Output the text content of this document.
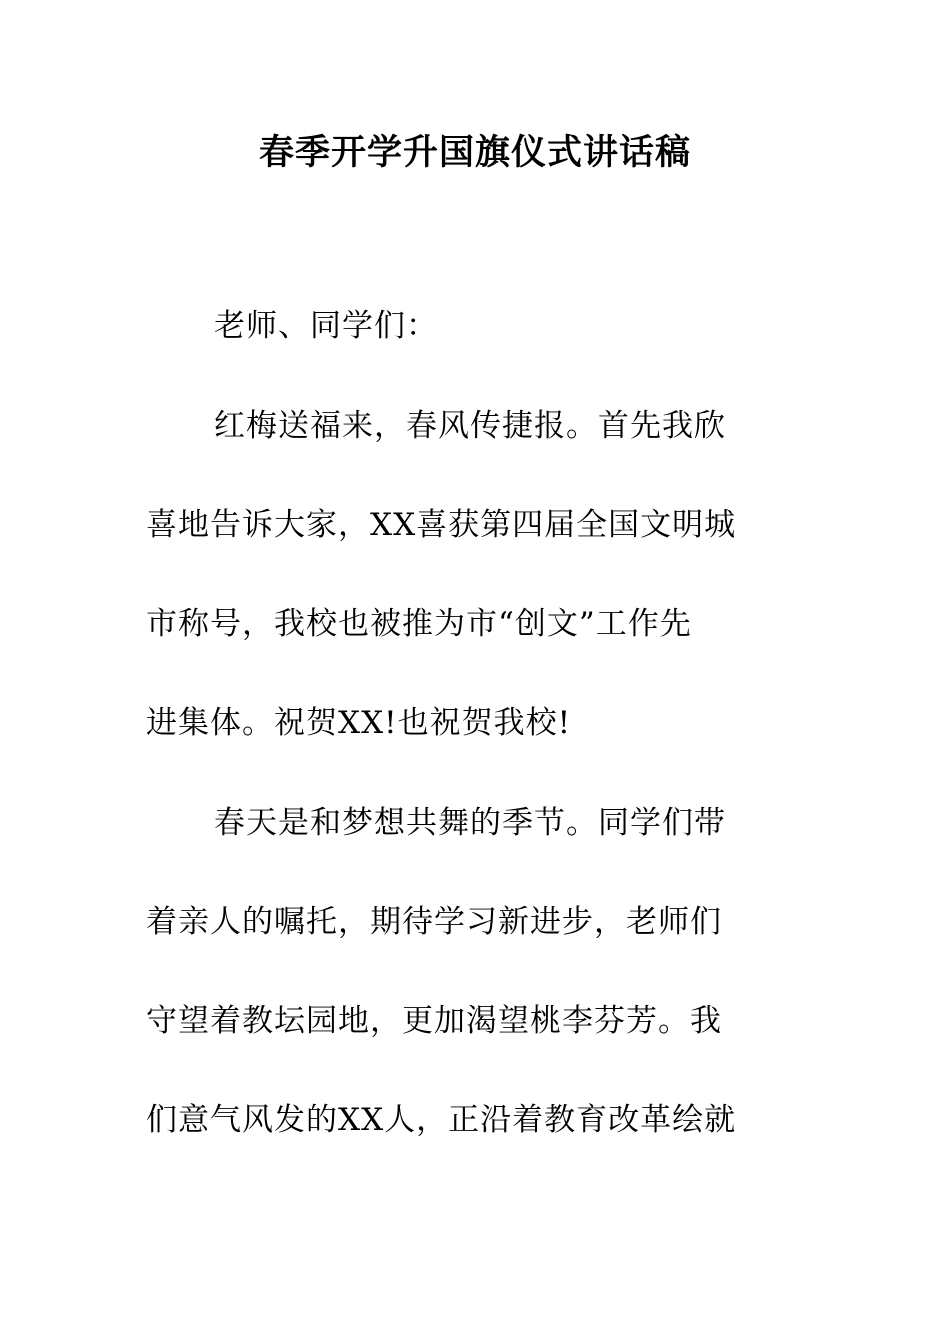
春季开学升国旗仪式讲话稿
老师、同学们：
红梅送福来，春风传捷报。首先我欣
喜地告诉大家，XX喜获第四届全国文明城
市称号，我校也被推为市“创文”工作先
进集体。祝贺XX!也祝贺我校!
春天是和梦想共舞的季节。同学们带
着亲人的嘱托，期待学习新进步，老师们
守望着教坛园地，更加渴望桃李芬芳。我
们意气风发的XX人，正沿着教育改革绘就
